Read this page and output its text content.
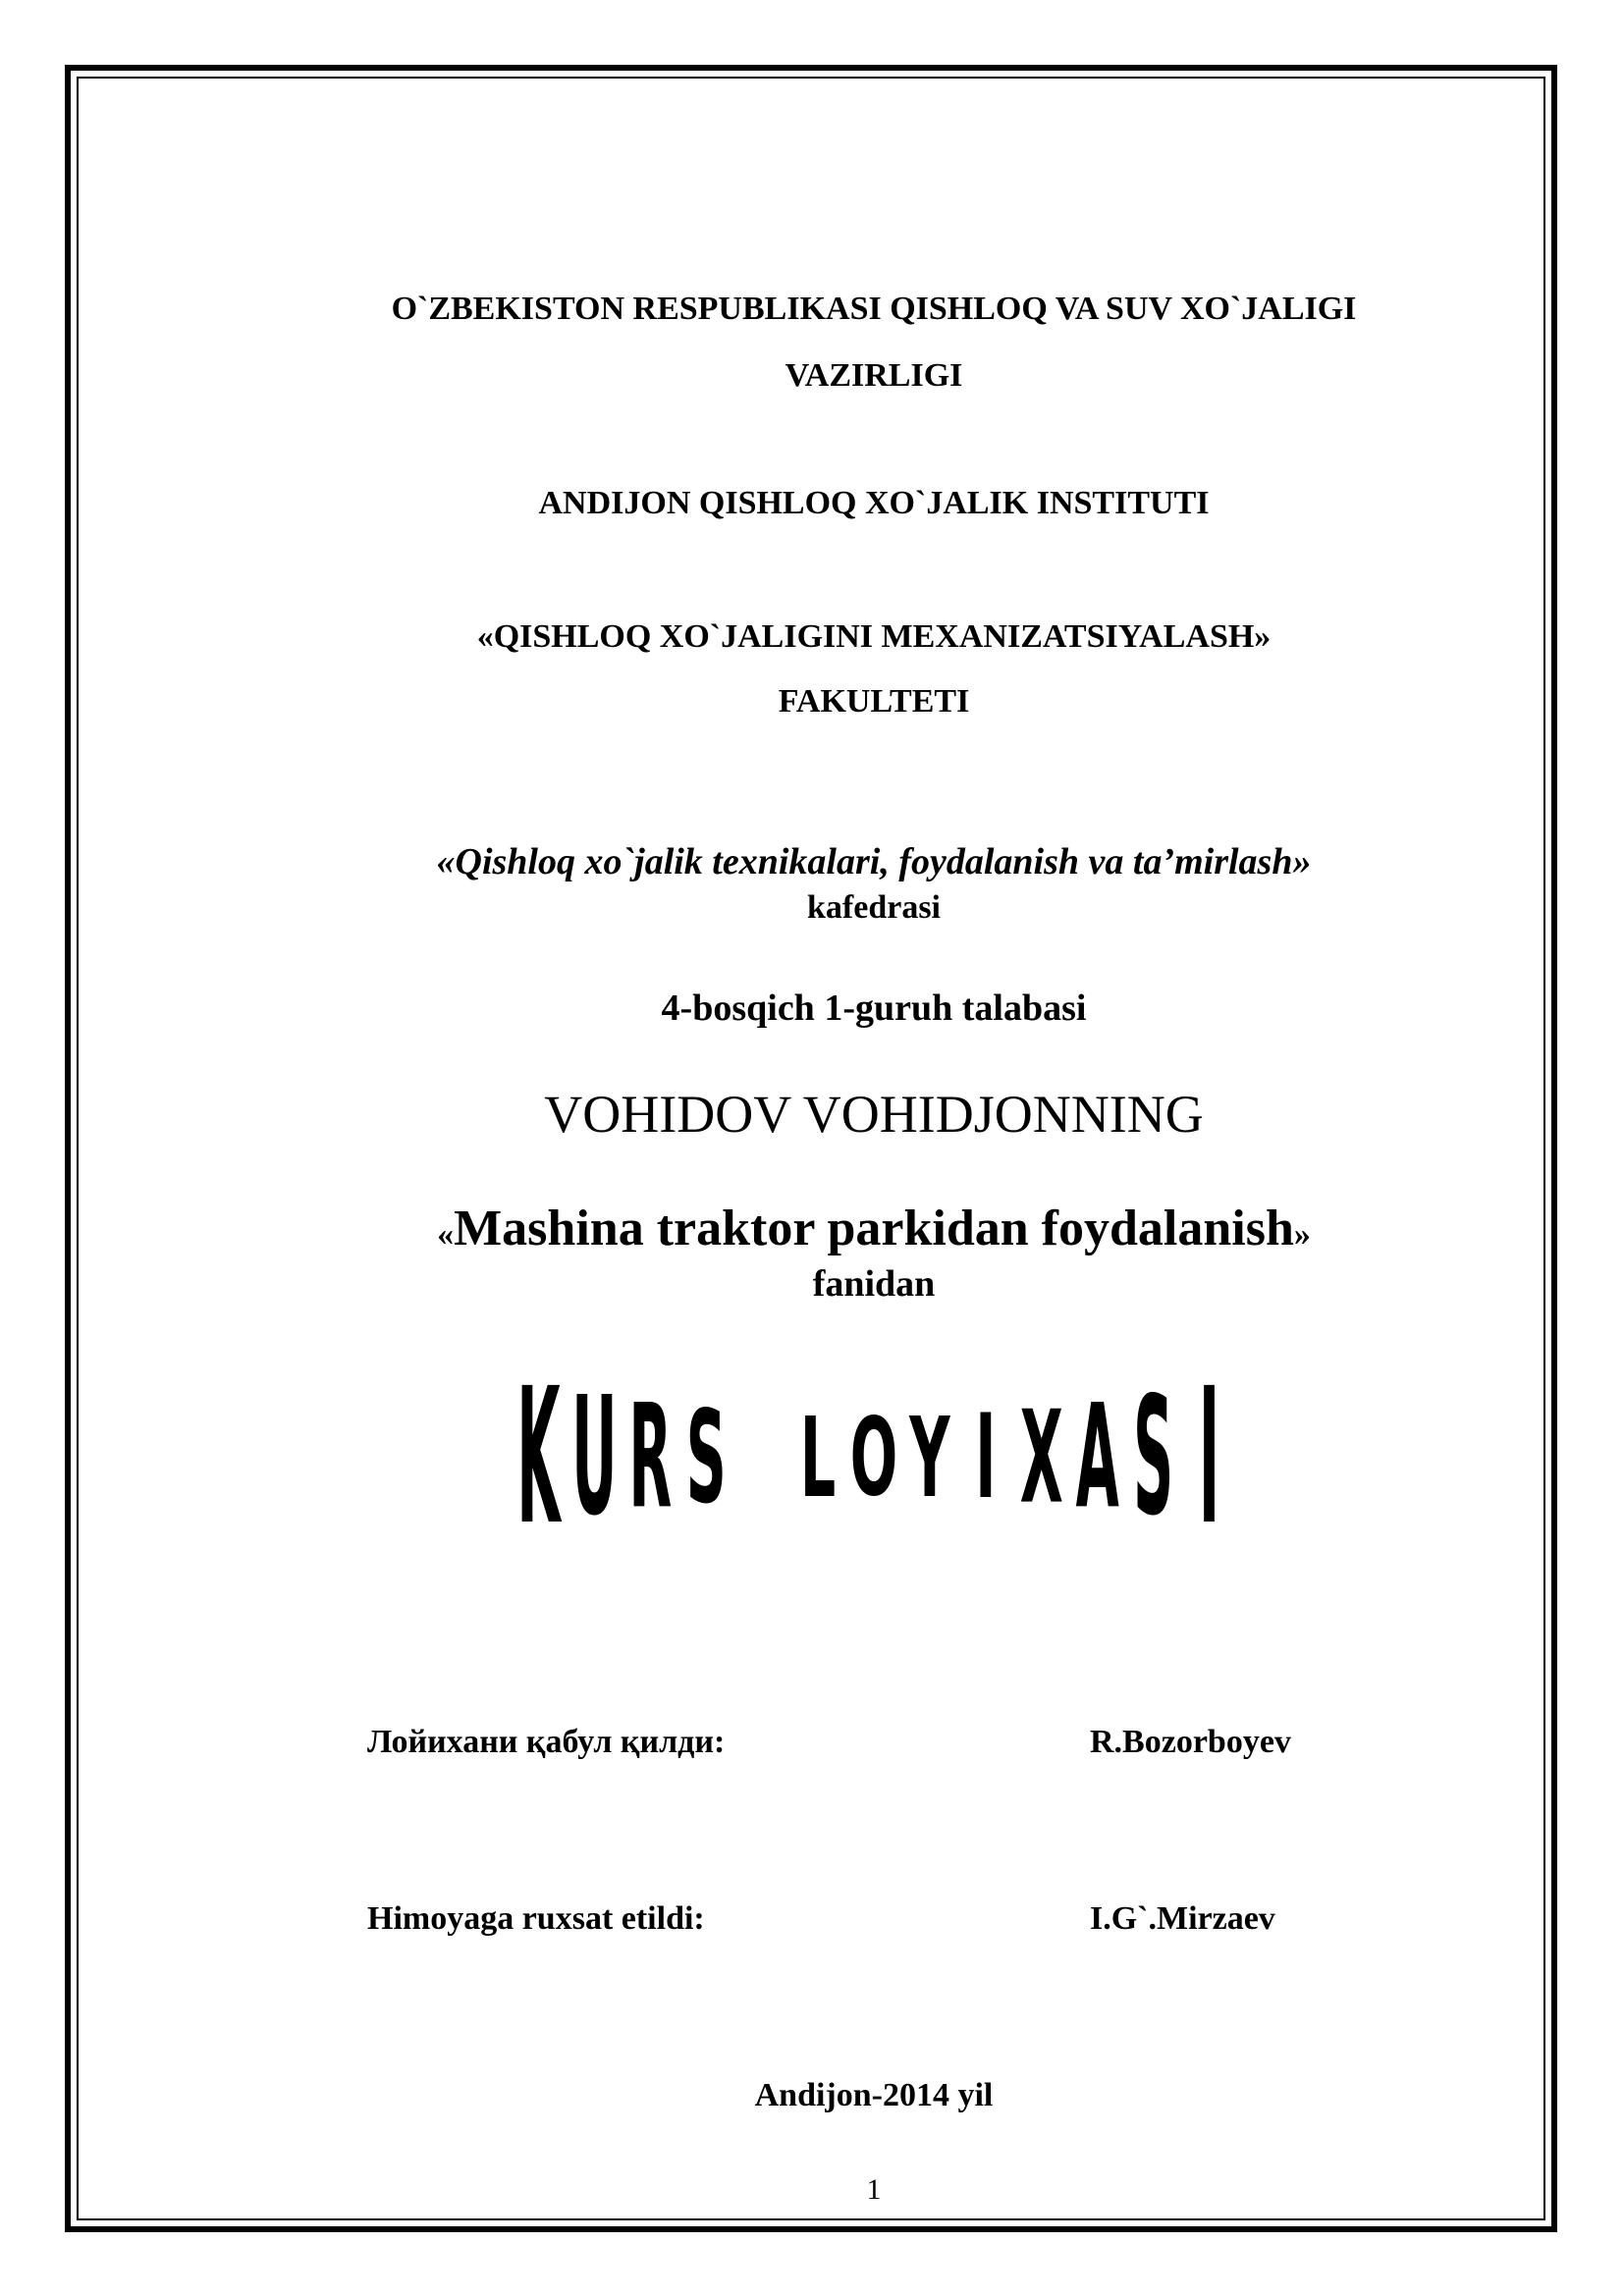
O`ZBEKISTON RESPUBLIKASI QISHLOQ VA SUV XO`JALIGI

VAZIRLIGI

ANDIJON QISHLOQ XO`JALIK INSTITUTI

«QISHLOQ XO`JALIGINI MEXANIZATSIYALASH»

FAKULTETI

«Qishloq xo`jalik texnikalari, foydalanish va ta’mirlash»

kafedrasi

4-bosqich 1-guruh talabasi

VOHIDOV VOHIDJONNING

«Mashina traktor parkidan foydalanish»

fanidan

K U R S L O Y I X A S I
Лойихани қабул қилди:	R.Bozorboyev
Himoyaga ruxsat etildi:	I.G`.Mirzaev

Andijon-2014 yil

1
